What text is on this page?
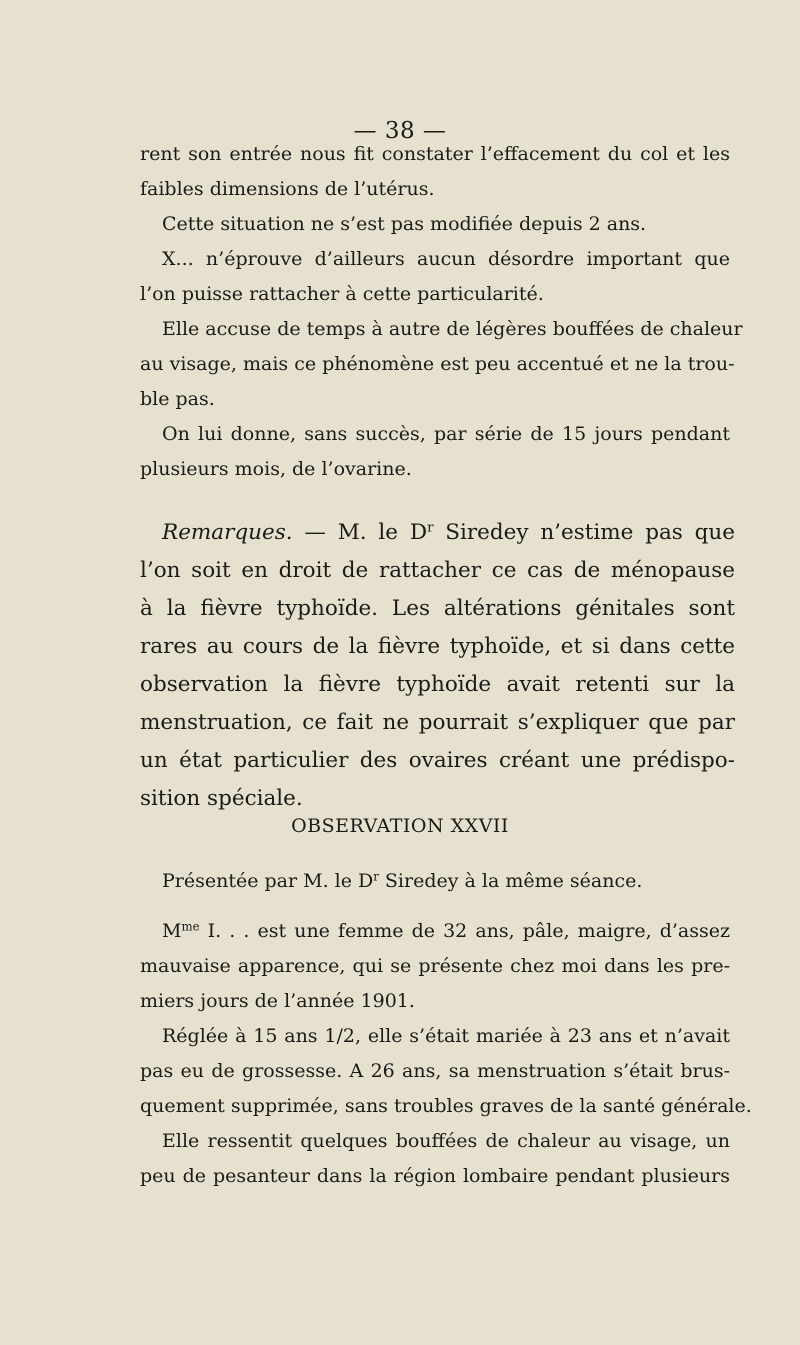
— 38 —
rent son entrée nous fit constater l’effacement du col et les
faibles dimensions de l’utérus.
Cette situation ne s’est pas modifiée depuis 2 ans.
X... n’éprouve d’ailleurs aucun désordre important que
l’on puisse rattacher à cette particularité.
Elle accuse de temps à autre de légères bouffées de chaleur
au visage, mais ce phénomène est peu accentué et ne la trou-
ble pas.
On lui donne, sans succès, par série de 15 jours pendant
plusieurs mois, de l’ovarine.
Remarques. — M. le $D^r$ Siredey n’estime pas que
l’on soit en droit de rattacher ce cas de ménopause
à la fièvre typhoïde. Les altérations génitales sont
rares au cours de la fièvre typhoïde, et si dans cette
observation la fièvre typhoïde avait retenti sur la
menstruation, ce fait ne pourrait s’expliquer que par
un état particulier des ovaires créant une prédispo-
sition spéciale.
OBSERVATION XXVII
Présentée par M. le $D^r$ Siredey à la même séance.
$M^{me}$ I. . . est une femme de 32 ans, pâle, maigre, d’assez
mauvaise apparence, qui se présente chez moi dans les pre-
miers jours de l’année 1901.
Réglée à 15 ans 1/2, elle s’était mariée à 23 ans et n’avait
pas eu de grossesse. A 26 ans, sa menstruation s’était brus-
quement supprimée, sans troubles graves de la santé générale.
Elle ressentit quelques bouffées de chaleur au visage, un
peu de pesanteur dans la région lombaire pendant plusieurs
